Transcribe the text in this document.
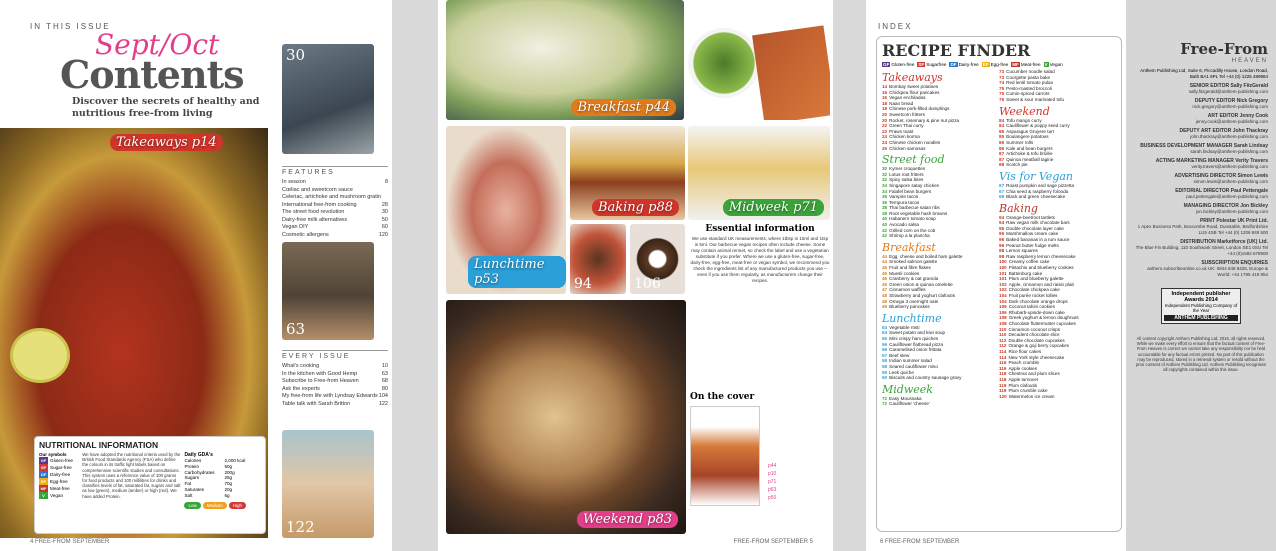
IN THIS ISSUE
Sept/Oct
Contents
Discover the secrets of healthy and nutritious free-from living
Takeaways p14
30
FEATURES
In season	8
Cœliac and sweetcorn sauce
Celeriac, artichoke and mushroom gratin
International free-from cooking	28
The street food revolution	30
Dairy-free milk alternatives	50
Vegan DIY	60
Cosmetic allergens	120
63
EVERY ISSUE
What's cooking	10
In the kitchen with Good Hemp	63
Subscribe to Free-from Heaven	68
Ask the experts	80
My free-from life with Lyndsay Edwards 104
Table talk with Sarah Britton	122
122
NUTRITIONAL INFORMATION
Our symbols
GF Gluten-free
SF Sugar-free
DF Dairy-free
EF Egg-free
MF Meat-free
V	Vegan
We have adopted the nutritional criteria used by the British Food Standards Agency (FSA) who define the colours in its traffic light labels based on comprehensive scientific studies and consultations. This system uses a reference value of 100 grams for food products and 100 millilitres for drinks and classifies levels of fat, saturated fat, sugars and salt as low (green), medium (amber) or high (red). We have added Protein.
Daily GDA's
Calories	2,000 kcal
Protein	50g
Carbohydrates	200g
Sugars	25g
Fat	70g
Saturates	20g
Salt	6g
Low	Medium	High
4 FREE-FROM SEPTEMBER
Breakfast p44
Lunchtime p53
Baking p88	Midweek p71
94	106
Essential information
We use standard UK measurements, where 1tbsp is 15ml and 1tsp is 5ml. Our barbecue vegan recipes often include cheese. Some may contain animal rennet, so check the label and use a vegetarian substitute if you prefer. Where we use a gluten-free, sugar-free, dairy-free, egg-free, meat-free or vegan symbol, we recommend you check the ingredients list of any manufactured products you use – even if you use them regularly, as manufacturers change their recipes.
Weekend p83
On the cover
p44
p10
p71
p63
p50
FREE-FROM SEPTEMBER 5
INDEX
RECIPE FINDER
GF Gluten-free SF Sugarfree DF Dairy-free EF Egg-free MF Meat-free V Vegan
Takeaways
14 Bombay sweet potatoes
16 Chickpea flour pancakes
16 Vegan enchiladas
18 Naan bread
18 Chinese pork-filled dumplings
20 Sweetcorn fritters
20 Rocket, rosemary & pine nut pizza
22 Green Thai curry
22 Prawn toast
24 Chicken korma
24 Chinese chicken noodles
26 Chicken samosas
Street food
30 Kymer croquettes
32 Lotus root fritters
32 Spicy salsa bites
34 Singapore satay chicken
34 Falafel bean burgers
36 Vampire tacos
36 Tempura tacos
38 Thai barbecue satan ribs
38 Root vegetable hash browns
40 Habanero tomato soup
40 Avocado salsa
42 Grilled corn on the cob
42 Shrimp a la plancha
Breakfast
44 Egg, cheese and boiled ham galette
44 Smoked salmon galette
45 Fruit and fibre flakes
45 Muesli cookies
46 Cranberry & oat granola
46 Green onion & quinoa omelette
47 Cinnamon waffles
48 Strawberry and yoghurt clafoutis
48 Omega 3 overnight oats
49 Blueberry pancakes
Lunchtime
54 Vegetable rösti
54 Sweet potato and kiwi soup
55 Mini crispy ham quiches
56 Cauliflower flatbread pizza
56 Caramelised onion frittata
57 Beef stew
58 Indian summer salad
58 Seared cauliflower miso
59 Leek quiche
60 Biscuits and country sausage gravy
Midweek
72 Easy Moussaka
72 Cauliflower 'cheese'
73 Cucumber noodle salad
73 Courgette pasta bake
74 Red lentil tomato pulao
75 Pesto-roasted broccoli
75 Cumin-spiced carrots
76 Sweet & sour marinated tofu
Weekend
84 Tofu mango curry
84 Cauliflower & poppy seed curry
85 Asparagus Gruyere tart
85 Boulangere potatoes
86 Summer rolls
86 Kale and bean burgers
87 Artichoke & tofu brûlée
87 Quinoa meatball tagine
88 Scotch pie
Vis for Vegan
67 Roast pumpkin and sage pizzetta
67 Chia seed & raspberry folooda
68 Black and green cheesecake
Baking
94 Orange-beetroot tartlets
94 Raw vegan milk chocolate bars
95 Double chocolate layer cake
95 Marshmallow cream cake
96 Baked bananas in a rum sauce
96 Peanut butter fudge melts
98 Lemon squares
98 Raw raspberry lemon cheesecake
100 Creamy coffee cake
100 Pistachio and blueberry cookies
101 Battenburg cake
101 Plum and blueberry galette
102 Apple, cinnamon and raisin plait
102 Chocolate chickpea cake
104 Fruit purée rocket lollies
104 Dark chocolate orange drops
106 Coconut tahini cookies
106 Rhubarb-upside-down cake
108 Greek yoghurt & lemon doughnuts
108 Chocolate fluttermutter cupcakes
110 Cinnamon coconut crisps
110 Decadent chocolate slice
112 Double chocolate cupcakes
112 Orange & goji berry cupcakes
114 Rice flour cakes
114 New York style cheesecake
116 Peach crumble
116 Apple cookies
118 Chestnut and plum slices
118 Apple turnover
119 Plum clafoutis
119 Plum crumble cake
120 Watermelon ice cream
6 FREE-FROM SEPTEMBER
Free-From
HEAVEN
Anthem Publishing Ltd, Suite 6, Piccadilly House, London Road, Bath BA1 6PL Tel +44 (0) 1225 489984
SENIOR EDITOR Sally FitzGerald
sally.fitzgerald@anthem-publishing.com
DEPUTY EDITOR Nick Gregory
nick.gregory@anthem-publishing.com
ART EDITOR Jenny Cook
jenny.cook@anthem-publishing.com
DEPUTY ART EDITOR John Thackray
john.thackray@anthem-publishing.com
BUSINESS DEVELOPMENT MANAGER Sarah Lindsay
sarah.lindsay@anthem-publishing.com
ACTING MARKETING MANAGER Verity Travers
verity.travers@anthem-publishing.com
ADVERTISING DIRECTOR Simon Lewis
simon.lewis@anthem-publishing.com
EDITORIAL DIRECTOR Paul Pettengale
paul.pettengale@anthem-publishing.com
MANAGING DIRECTOR Jon Bickley
jon.bickley@anthem-publishing.com
PRINT Polestar UK Print Ltd.
1 Apex Business Park, Boscombe Road, Dunstable, Bedfordshire LU5 4SB Tel +44 (0) 1206 849 500
DISTRIBUTION Marketforce (UK) Ltd.
The Blue Fin Building, 110 Southwark Street, London SE1 0SU Tel +44 (0)1582 678900
SUBSCRIPTION ENQUIRIES
anthem.subscribeonline.co.uk UK: 0844 848 8425, Europe & World: +44 1795 419 854
Independent publisher Awards 2014
Independent Publishing Company of the Year
ANTHEM PUBLISHING
All content copyright Anthem Publishing Ltd, 2015, all rights reserved. While we make every effort to ensure that the factual content of Free-From Heaven is correct we cannot take any responsibility nor be held accountable for any factual errors printed. No part of this publication may be reproduced, stored in a retrieval system or resold without the prior consent of Anthem Publishing Ltd. Anthem Publishing recognises all copyrights contained within this issue.
